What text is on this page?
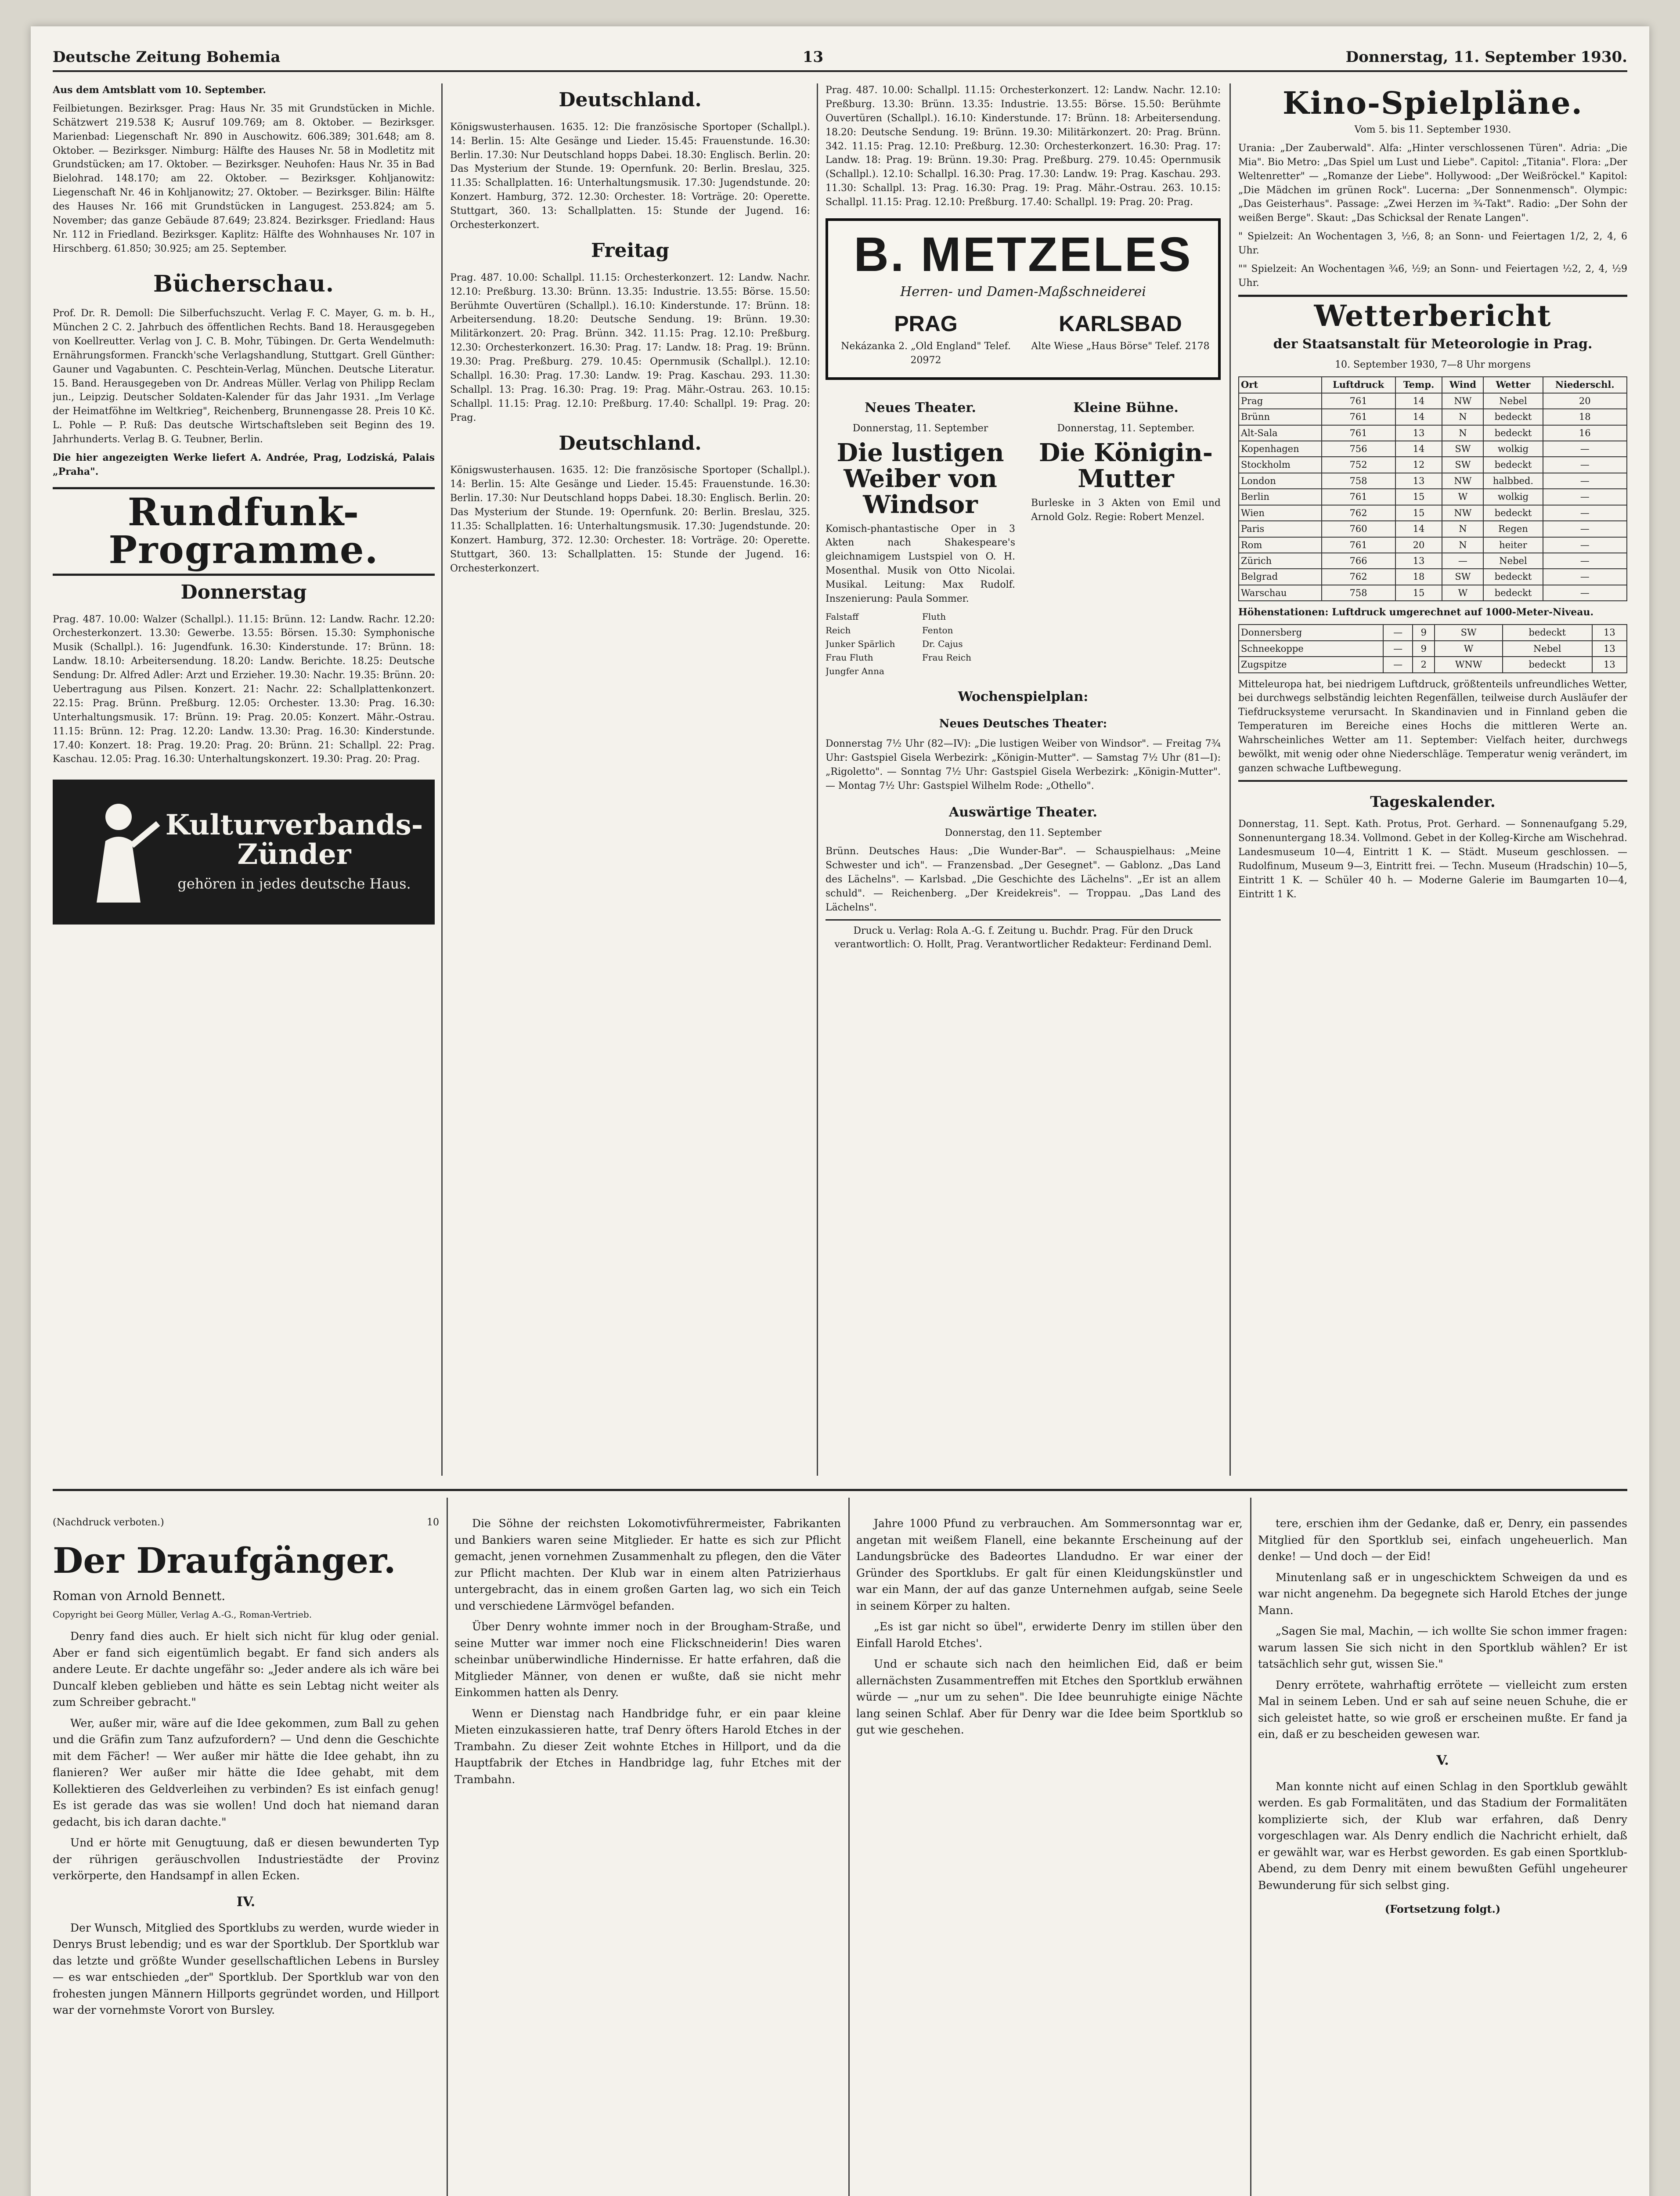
Deutsche Zeitung Bohemia	13	Donnerstag, 11. September 1930.

Aus dem Amtsblatt vom 10. September.

Feilbietungen. Bezirksger. Prag: Haus Nr. 35 mit Grundstücken in Michle. Schätzwert 219.538 K; Ausruf 109.769; am 8. Oktober. — Bezirksger. Marienbad: Liegenschaft Nr. 890 in Auschowitz. 606.389; 301.648; am 8. Oktober. — Bezirksger. Nimburg: Hälfte des Hauses Nr. 58 in Modletitz mit Grundstücken; am 17. Oktober. — Bezirksger. Neuhofen: Haus Nr. 35 in Bad Bielohrad. 148.170; am 22. Oktober. — Bezirksger. Kohljanowitz: Liegenschaft Nr. 46 in Kohljanowitz; 27. Oktober. — Bezirksger. Bilin: Hälfte des Hauses Nr. 166 mit Grundstücken in Langugest. 253.824; am 5. November; das ganze Gebäude 87.649; 23.824. Bezirksger. Friedland: Haus Nr. 112 in Friedland. Bezirksger. Kaplitz: Hälfte des Wohnhauses Nr. 107 in Hirschberg. 61.850; 30.925; am 25. September.

Bücherschau.

Prof. Dr. R. Demoll: Die Silberfuchszucht. Verlag F. C. Mayer, G. m. b. H., München 2 C. 2. Jahrbuch des öffentlichen Rechts. Band 18. Herausgegeben von Koellreutter. Verlag von J. C. B. Mohr, Tübingen. Dr. Gerta Wendelmuth: Ernährungsformen. Franckh'sche Verlagshandlung, Stuttgart. Grell Günther: Gauner und Vagabunten. C. Peschtein-Verlag, München. Deutsche Literatur. 15. Band. Herausgegeben von Dr. Andreas Müller. Verlag von Philipp Reclam jun., Leipzig. Deutscher Soldaten-Kalender für das Jahr 1931. „Im Verlage der Heimatföhne im Weltkrieg", Reichenberg, Brunnengasse 28. Preis 10 Kč. L. Pohle — P. Ruß: Das deutsche Wirtschaftsleben seit Beginn des 19. Jahrhunderts. Verlag B. G. Teubner, Berlin.

Die hier angezeigten Werke liefert A. Andrée, Prag, Lodziská, Palais „Praha".

Rundfunk-Programme.
Donnerstag

Prag. 487. 10.00: Walzer (Schallpl.). 11.15: Brünn. 12: Landw. Rachr. 12.20: Orchesterkonzert. 13.30: Gewerbe. 13.55: Börsen. 15.30: Symphonische Musik (Schallpl.). 16: Jugendfunk. 16.30: Kinderstunde. 17: Brünn. 18: Landw. 18.10: Arbeitersendung. 18.20: Landw. Berichte. 18.25: Deutsche Sendung: Dr. Alfred Adler: Arzt und Erzieher. 19.30: Nachr. 19.35: Brünn. 20: Uebertragung aus Pilsen. Konzert. 21: Nachr. 22: Schallplattenkonzert. 22.15: Prag. Brünn. Preßburg. 12.05: Orchester. 13.30: Prag. 16.30: Unterhaltungsmusik. 17: Brünn. 19: Prag. 20.05: Konzert. Mähr.-Ostrau. 11.15: Brünn. 12: Prag. 12.20: Landw. 13.30: Prag. 16.30: Kinderstunde. 17.40: Konzert. 18: Prag. 19.20: Prag. 20: Brünn. 21: Schallpl. 22: Prag. Kaschau. 12.05: Prag. 16.30: Unterhaltungskonzert. 19.30: Prag. 20: Prag.

Kulturverbands-Zünder
gehören in jedes deutsche Haus.
Deutschland.

Königswusterhausen. 1635. 12: Die französische Sportoper (Schallpl.). 14: Berlin. 15: Alte Gesänge und Lieder. 15.45: Frauenstunde. 16.30: Berlin. 17.30: Nur Deutschland hopps Dabei. 18.30: Englisch. Berlin. 20: Das Mysterium der Stunde. 19: Opernfunk. 20: Berlin. Breslau, 325. 11.35: Schallplatten. 16: Unterhaltungsmusik. 17.30: Jugendstunde. 20: Konzert. Hamburg, 372. 12.30: Orchester. 18: Vorträge. 20: Operette. Stuttgart, 360. 13: Schallplatten. 15: Stunde der Jugend. 16: Orchesterkonzert.

Freitag

Prag. 487. 10.00: Schallpl. 11.15: Orchesterkonzert. 12: Landw. Nachr. 12.10: Preßburg. 13.30: Brünn. 13.35: Industrie. 13.55: Börse. 15.50: Berühmte Ouvertüren (Schallpl.). 16.10: Kinderstunde. 17: Brünn. 18: Arbeitersendung. 18.20: Deutsche Sendung. 19: Brünn. 19.30: Militärkonzert. 20: Prag. Brünn. 342. 11.15: Prag. 12.10: Preßburg. 12.30: Orchesterkonzert. 16.30: Prag. 17: Landw. 18: Prag. 19: Brünn. 19.30: Prag. Preßburg. 279. 10.45: Opernmusik (Schallpl.). 12.10: Schallpl. 16.30: Prag. 17.30: Landw. 19: Prag. Kaschau. 293. 11.30: Schallpl. 13: Prag. 16.30: Prag. 19: Prag. Mähr.-Ostrau. 263. 10.15: Schallpl. 11.15: Prag. 12.10: Preßburg. 17.40: Schallpl. 19: Prag. 20: Prag.

Deutschland.

Königswusterhausen. 1635. 12: Die französische Sportoper (Schallpl.). 14: Berlin. 15: Alte Gesänge und Lieder. 15.45: Frauenstunde. 16.30: Berlin. 17.30: Nur Deutschland hopps Dabei. 18.30: Englisch. Berlin. 20: Das Mysterium der Stunde. 19: Opernfunk. 20: Berlin. Breslau, 325. 11.35: Schallplatten. 16: Unterhaltungsmusik. 17.30: Jugendstunde. 20: Konzert. Hamburg, 372. 12.30: Orchester. 18: Vorträge. 20: Operette. Stuttgart, 360. 13: Schallplatten. 15: Stunde der Jugend. 16: Orchesterkonzert.

Prag. 487. 10.00: Schallpl. 11.15: Orchesterkonzert. 12: Landw. Nachr. 12.10: Preßburg. 13.30: Brünn. 13.35: Industrie. 13.55: Börse. 15.50: Berühmte Ouvertüren (Schallpl.). 16.10: Kinderstunde. 17: Brünn. 18: Arbeitersendung. 18.20: Deutsche Sendung. 19: Brünn. 19.30: Militärkonzert. 20: Prag. Brünn. 342. 11.15: Prag. 12.10: Preßburg. 12.30: Orchesterkonzert. 16.30: Prag. 17: Landw. 18: Prag. 19: Brünn. 19.30: Prag. Preßburg. 279. 10.45: Opernmusik (Schallpl.). 12.10: Schallpl. 16.30: Prag. 17.30: Landw. 19: Prag. Kaschau. 293. 11.30: Schallpl. 13: Prag. 16.30: Prag. 19: Prag. Mähr.-Ostrau. 263. 10.15: Schallpl. 11.15: Prag. 12.10: Preßburg. 17.40: Schallpl. 19: Prag. 20: Prag.

B. METZELES
Herren- und Damen-Maßschneiderei
PRAG
Nekázanka 2. „Old England" Telef. 20972
KARLSBAD
Alte Wiese „Haus Börse" Telef. 2178
Neues Theater.

Donnerstag, 11. September

Die lustigen Weiber von Windsor

Komisch-phantastische Oper in 3 Akten nach Shakespeare's gleichnamigem Lustspiel von O. H. Mosenthal. Musik von Otto Nicolai. Musikal. Leitung: Max Rudolf. Inszenierung: Paula Sommer.

Falstaff	Fluth
Reich	Fenton
Junker Spärlich	Dr. Cajus
Frau Fluth	Frau Reich
Jungfer Anna
Kleine Bühne.

Donnerstag, 11. September.

Die Königin-Mutter

Burleske in 3 Akten von Emil und Arnold Golz. Regie: Robert Menzel.

Wochenspielplan:
Neues Deutsches Theater:

Donnerstag 7½ Uhr (82—IV): „Die lustigen Weiber von Windsor". — Freitag 7¾ Uhr: Gastspiel Gisela Werbezirk: „Königin-Mutter". — Samstag 7½ Uhr (81—I): „Rigoletto". — Sonntag 7½ Uhr: Gastspiel Gisela Werbezirk: „Königin-Mutter". — Montag 7½ Uhr: Gastspiel Wilhelm Rode: „Othello".

Auswärtige Theater.

Donnerstag, den 11. September

Brünn. Deutsches Haus: „Die Wunder-Bar". — Schauspielhaus: „Meine Schwester und ich". — Franzensbad. „Der Gesegnet". — Gablonz. „Das Land des Lächelns". — Karlsbad. „Die Geschichte des Lächelns". „Er ist an allem schuld". — Reichenberg. „Der Kreidekreis". — Troppau. „Das Land des Lächelns".

Druck u. Verlag: Rola A.-G. f. Zeitung u. Buchdr. Prag. Für den Druck verantwortlich: O. Hollt, Prag. Verantwortlicher Redakteur: Ferdinand Deml.

Kino-Spielpläne.

Vom 5. bis 11. September 1930.

Urania: „Der Zauberwald". Alfa: „Hinter verschlossenen Türen". Adria: „Die Mia". Bio Metro: „Das Spiel um Lust und Liebe". Capitol: „Titania". Flora: „Der Weltenretter" — „Romanze der Liebe". Hollywood: „Der Weißröckel." Kapitol: „Die Mädchen im grünen Rock". Lucerna: „Der Sonnenmensch". Olympic: „Das Geisterhaus". Passage: „Zwei Herzen im ¾-Takt". Radio: „Der Sohn der weißen Berge". Skaut: „Das Schicksal der Renate Langen".

" Spielzeit: An Wochentagen 3, ½6, 8; an Sonn- und Feiertagen 1/2, 2, 4, 6 Uhr.

"" Spielzeit: An Wochentagen ¾6, ½9; an Sonn- und Feiertagen ½2, 2, 4, ½9 Uhr.

Wetterbericht
der Staatsanstalt für Meteorologie in Prag.

10. September 1930, 7—8 Uhr morgens

Ort	Luftdruck	Temp.	Wind	Wetter	Niederschl.
Prag	761	14	NW	Nebel	20
Brünn	761	14	N	bedeckt	18
Alt-Sala	761	13	N	bedeckt	16
Kopenhagen	756	14	SW	wolkig	—
Stockholm	752	12	SW	bedeckt	—
London	758	13	NW	halbbed.	—
Berlin	761	15	W	wolkig	—
Wien	762	15	NW	bedeckt	—
Paris	760	14	N	Regen	—
Rom	761	20	N	heiter	—
Zürich	766	13	—	Nebel	—
Belgrad	762	18	SW	bedeckt	—
Warschau	758	15	W	bedeckt	—

Höhenstationen: Luftdruck umgerechnet auf 1000-Meter-Niveau.

Donnersberg	—	9	SW	bedeckt	13
Schneekoppe	—	9	W	Nebel	13
Zugspitze	—	2	WNW	bedeckt	13

Mitteleuropa hat, bei niedrigem Luftdruck, größtenteils unfreundliches Wetter, bei durchwegs selbständig leichten Regenfällen, teilweise durch Ausläufer der Tiefdrucksysteme verursacht. In Skandinavien und in Finnland geben die Temperaturen im Bereiche eines Hochs die mittleren Werte an. Wahrscheinliches Wetter am 11. September: Vielfach heiter, durchwegs bewölkt, mit wenig oder ohne Niederschläge. Temperatur wenig verändert, im ganzen schwache Luftbewegung.

Tageskalender.

Donnerstag, 11. Sept. Kath. Protus, Prot. Gerhard. — Sonnenaufgang 5.29, Sonnenuntergang 18.34. Vollmond. Gebet in der Kolleg-Kirche am Wischehrad. Landesmuseum 10—4, Eintritt 1 K. — Städt. Museum geschlossen. — Rudolfinum, Museum 9—3, Eintritt frei. — Techn. Museum (Hradschin) 10—5, Eintritt 1 K. — Schüler 40 h. — Moderne Galerie im Baumgarten 10—4, Eintritt 1 K.

(Nachdruck verboten.)	10
Der Draufgänger.
Roman von Arnold Bennett.
Copyright bei Georg Müller, Verlag A.-G., Roman-Vertrieb.

Denry fand dies auch. Er hielt sich nicht für klug oder genial. Aber er fand sich eigentümlich begabt. Er fand sich anders als andere Leute. Er dachte ungefähr so: „Jeder andere als ich wäre bei Duncalf kleben geblieben und hätte es sein Lebtag nicht weiter als zum Schreiber gebracht."

Wer, außer mir, wäre auf die Idee gekommen, zum Ball zu gehen und die Gräfin zum Tanz aufzufordern? — Und denn die Geschichte mit dem Fächer! — Wer außer mir hätte die Idee gehabt, ihn zu flanieren? Wer außer mir hätte die Idee gehabt, mit dem Kollektieren des Geldverleihen zu verbinden? Es ist einfach genug! Es ist gerade das was sie wollen! Und doch hat niemand daran gedacht, bis ich daran dachte."

Und er hörte mit Genugtuung, daß er diesen bewunderten Typ der rührigen geräuschvollen Industriestädte der Provinz verkörperte, den Handsampf in allen Ecken.

IV.

Der Wunsch, Mitglied des Sportklubs zu werden, wurde wieder in Denrys Brust lebendig; und es war der Sportklub. Der Sportklub war das letzte und größte Wunder gesellschaftlichen Lebens in Bursley — es war entschieden „der" Sportklub. Der Sportklub war von den frohesten jungen Männern Hillports gegründet worden, und Hillport war der vornehmste Vorort von Bursley.

Die Söhne der reichsten Lokomotivführermeister, Fabrikanten und Bankiers waren seine Mitglieder. Er hatte es sich zur Pflicht gemacht, jenen vornehmen Zusammenhalt zu pflegen, den die Väter zur Pflicht machten. Der Klub war in einem alten Patrizierhaus untergebracht, das in einem großen Garten lag, wo sich ein Teich und verschiedene Lärmvögel befanden.

Über Denry wohnte immer noch in der Brougham-Straße, und seine Mutter war immer noch eine Flickschneiderin! Dies waren scheinbar unüberwindliche Hindernisse. Er hatte erfahren, daß die Mitglieder Männer, von denen er wußte, daß sie nicht mehr Einkommen hatten als Denry.

Wenn er Dienstag nach Handbridge fuhr, er ein paar kleine Mieten einzukassieren hatte, traf Denry öfters Harold Etches in der Trambahn. Zu dieser Zeit wohnte Etches in Hillport, und da die Hauptfabrik der Etches in Handbridge lag, fuhr Etches mit der Trambahn.

Jahre 1000 Pfund zu verbrauchen. Am Sommersonntag war er, angetan mit weißem Flanell, eine bekannte Erscheinung auf der Landungsbrücke des Badeortes Llandudno. Er war einer der Gründer des Sportklubs. Er galt für einen Kleidungskünstler und war ein Mann, der auf das ganze Unternehmen aufgab, seine Seele in seinem Körper zu halten.

„Es ist gar nicht so übel", erwiderte Denry im stillen über den Einfall Harold Etches'.

Und er schaute sich nach den heimlichen Eid, daß er beim allernächsten Zusammentreffen mit Etches den Sportklub erwähnen würde — „nur um zu sehen". Die Idee beunruhigte einige Nächte lang seinen Schlaf. Aber für Denry war die Idee beim Sportklub so gut wie geschehen.

tere, erschien ihm der Gedanke, daß er, Denry, ein passendes Mitglied für den Sportklub sei, einfach ungeheuerlich. Man denke! — Und doch — der Eid!

Minutenlang saß er in ungeschicktem Schweigen da und es war nicht angenehm. Da begegnete sich Harold Etches der junge Mann.

„Sagen Sie mal, Machin, — ich wollte Sie schon immer fragen: warum lassen Sie sich nicht in den Sportklub wählen? Er ist tatsächlich sehr gut, wissen Sie."

Denry errötete, wahrhaftig errötete — vielleicht zum ersten Mal in seinem Leben. Und er sah auf seine neuen Schuhe, die er sich geleistet hatte, so wie groß er erscheinen mußte. Er fand ja ein, daß er zu bescheiden gewesen war.

V.

Man konnte nicht auf einen Schlag in den Sportklub gewählt werden. Es gab Formalitäten, und das Stadium der Formalitäten komplizierte sich, der Klub war erfahren, daß Denry vorgeschlagen war. Als Denry endlich die Nachricht erhielt, daß er gewählt war, war es Herbst geworden. Es gab einen Sportklub-Abend, zu dem Denry mit einem bewußten Gefühl ungeheurer Bewunderung für sich selbst ging.

(Fortsetzung folgt.)
